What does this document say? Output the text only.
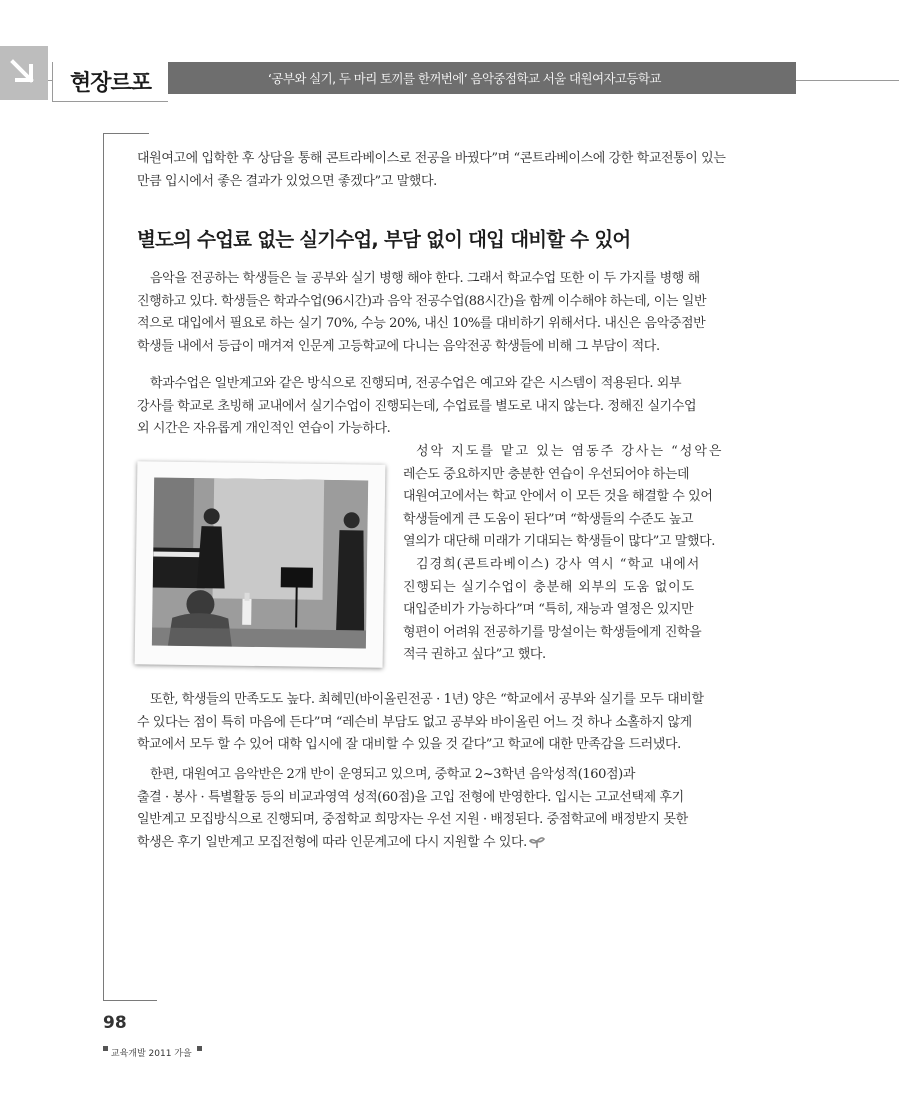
현장르포	‘공부와 실기, 두 마리 토끼를 한꺼번에’ 음악중점학교 서울 대원여자고등학교
대원여고에 입학한 후 상담을 통해 콘트라베이스로 전공을 바꿨다”며 “콘트라베이스에 강한 학교전통이 있는
만큼 입시에서 좋은 결과가 있었으면 좋겠다”고 말했다.
별도의 수업료 없는 실기수업, 부담 없이 대입 대비할 수 있어
음악을 전공하는 학생들은 늘 공부와 실기 병행 해야 한다. 그래서 학교수업 또한 이 두 가지를 병행 해
진행하고 있다. 학생들은 학과수업(96시간)과 음악 전공수업(88시간)을 함께 이수해야 하는데, 이는 일반
적으로 대입에서 필요로 하는 실기 70%, 수능 20%, 내신 10%를 대비하기 위해서다. 내신은 음악중점반
학생들 내에서 등급이 매겨져 인문계 고등학교에 다니는 음악전공 학생들에 비해 그 부담이 적다.
학과수업은 일반계고와 같은 방식으로 진행되며, 전공수업은 예고와 같은 시스템이 적용된다. 외부
강사를 학교로 초빙해 교내에서 실기수업이 진행되는데, 수업료를 별도로 내지 않는다. 정해진 실기수업
외 시간은 자유롭게 개인적인 연습이 가능하다.
성악 지도를 맡고 있는 염동주 강사는 “성악은
레슨도 중요하지만 충분한 연습이 우선되어야 하는데
대원여고에서는 학교 안에서 이 모든 것을 해결할 수 있어
학생들에게 큰 도움이 된다”며 “학생들의 수준도 높고
열의가 대단해 미래가 기대되는 학생들이 많다”고 말했다.
김경희(콘트라베이스) 강사 역시 “학교 내에서
진행되는 실기수업이 충분해 외부의 도움 없이도
대입준비가 가능하다”며 “특히, 재능과 열정은 있지만
형편이 어려워 전공하기를 망설이는 학생들에게 진학을
적극 권하고 싶다”고 했다.
또한, 학생들의 만족도도 높다. 최혜민(바이올린전공 · 1년) 양은 “학교에서 공부와 실기를 모두 대비할
수 있다는 점이 특히 마음에 든다”며 “레슨비 부담도 없고 공부와 바이올린 어느 것 하나 소홀하지 않게
학교에서 모두 할 수 있어 대학 입시에 잘 대비할 수 있을 것 같다”고 학교에 대한 만족감을 드러냈다.
한편, 대원여고 음악반은 2개 반이 운영되고 있으며, 중학교 2~3학년 음악성적(160점)과
출결 · 봉사 · 특별활동 등의 비교과영역 성적(60점)을 고입 전형에 반영한다. 입시는 고교선택제 후기
일반계고 모집방식으로 진행되며, 중점학교 희망자는 우선 지원 · 배정된다. 중점학교에 배정받지 못한
학생은 후기 일반계고 모집전형에 따라 인문계고에 다시 지원할 수 있다.
98
교육개발 2011 가을
